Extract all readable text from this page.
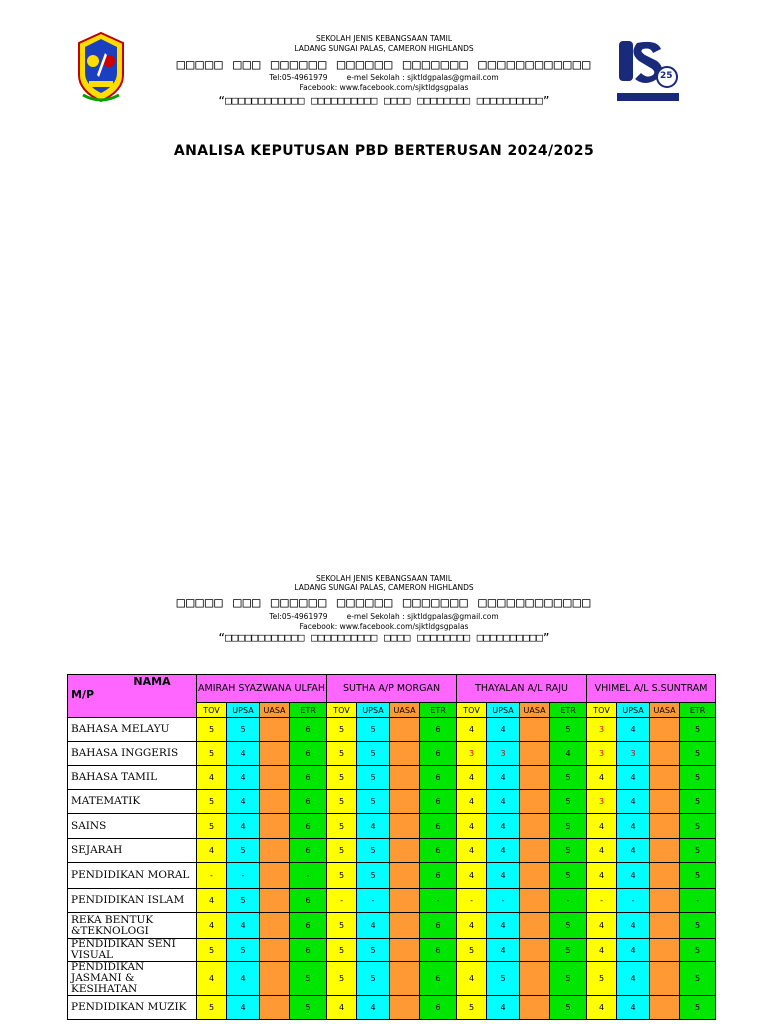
25
SEKOLAH JENIS KEBANGSAAN TAMIL
LADANG SUNGAI PALAS, CAMERON HIGHLANDS
□□□□□ □□□ □□□□□□ □□□□□□ □□□□□□□ □□□□□□□□□□□□
Tel:05-4961979        e-mel Sekolah : sjktldgpalas@gmail.com
Facebook: www.facebook.com/sjktldgsgpalas
“□□□□□□□□□□□□ □□□□□□□□□□ □□□□ □□□□□□□□ □□□□□□□□□□”
ANALISA KEPUTUSAN PBD BERTERUSAN 2024/2025
SEKOLAH JENIS KEBANGSAAN TAMIL
LADANG SUNGAI PALAS, CAMERON HIGHLANDS
□□□□□ □□□ □□□□□□ □□□□□□ □□□□□□□ □□□□□□□□□□□□
Tel:05-4961979        e-mel Sekolah : sjktldgpalas@gmail.com
Facebook: www.facebook.com/sjktldgsgpalas
“□□□□□□□□□□□□ □□□□□□□□□□ □□□□ □□□□□□□□ □□□□□□□□□□”
NAMA
M/P	AMIRAH SYAZWANA ULFAH				SUTHA A/P MORGAN				THAYALAN A/L RAJU				VHIMEL A/L S.SUNTRAM			
	TOV	UPSA	UASA	ETR	TOV	UPSA	UASA	ETR	TOV	UPSA	UASA	ETR	TOV	UPSA	UASA	ETR
BAHASA MELAYU	5	5		6	5	5		6	4	4		5	3	4		5
BAHASA INGGERIS	5	4		6	5	5		6	3	3		4	3	3		5
BAHASA TAMIL	4	4		6	5	5		6	4	4		5	4	4		5
MATEMATIK	5	4		6	5	5		6	4	4		5	3	4		5
SAINS	5	4		6	5	4		6	4	4		5	4	4		5
SEJARAH	4	5		6	5	5		6	4	4		5	4	4		5
PENDIDIKAN MORAL	-	-		-	5	5		6	4	4		5	4	4		5
PENDIDIKAN ISLAM	4	5		6	-	-		-	-	-		-	-	-		-
REKA BENTUK &TEKNOLOGI	4	4		6	5	4		6	4	4		5	4	4		5
PENDIDIKAN SENI VISUAL	5	5		6	5	5		6	5	4		5	4	4		5
PENDIDIKAN JASMANI & KESIHATAN	4	4		5	5	5		6	4	5		5	5	4		5
PENDIDIKAN MUZIK	5	4		5	4	4		6	5	4		5	4	4		5
